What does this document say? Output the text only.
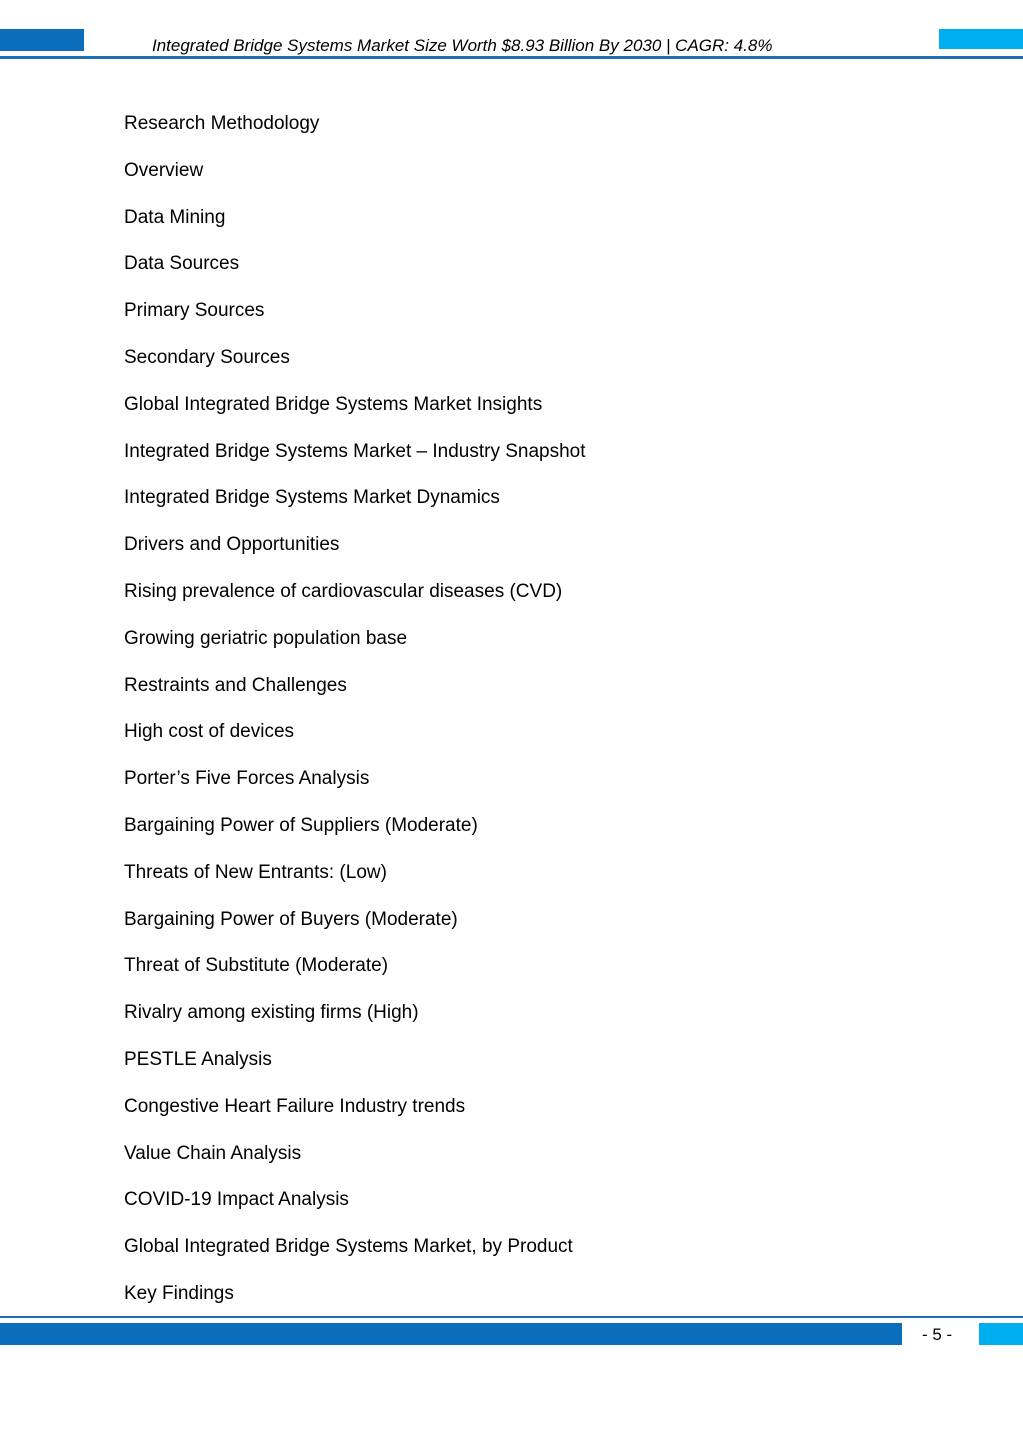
Integrated Bridge Systems Market Size Worth $8.93 Billion By 2030 | CAGR: 4.8%
Research Methodology
Overview
Data Mining
Data Sources
Primary Sources
Secondary Sources
Global Integrated Bridge Systems Market Insights
Integrated Bridge Systems Market – Industry Snapshot
Integrated Bridge Systems Market Dynamics
Drivers and Opportunities
Rising prevalence of cardiovascular diseases (CVD)
Growing geriatric population base
Restraints and Challenges
High cost of devices
Porter’s Five Forces Analysis
Bargaining Power of Suppliers (Moderate)
Threats of New Entrants: (Low)
Bargaining Power of Buyers (Moderate)
Threat of Substitute (Moderate)
Rivalry among existing firms (High)
PESTLE Analysis
Congestive Heart Failure Industry trends
Value Chain Analysis
COVID-19 Impact Analysis
Global Integrated Bridge Systems Market, by Product
Key Findings
- 5 -
